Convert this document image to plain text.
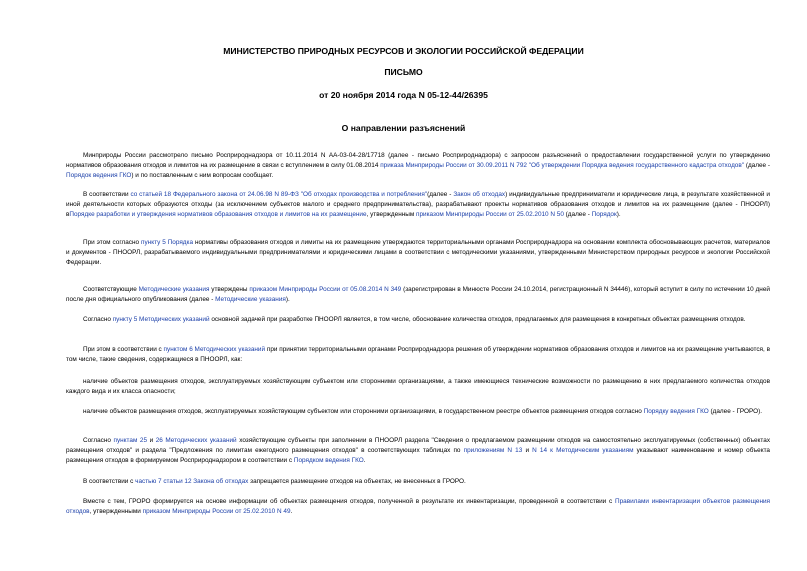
МИНИСТЕРСТВО ПРИРОДНЫХ РЕСУРСОВ И ЭКОЛОГИИ РОССИЙСКОЙ ФЕДЕРАЦИИ
ПИСЬМО
от 20 ноября 2014 года N 05-12-44/26395
О направлении разъяснений

Минприроды России рассмотрело письмо Росприроднадзора от 10.11.2014 N АА-03-04-28/17718 (далее - письмо Росприроднадзора) с запросом разъяснений о предоставлении государственной услуги по утверждению нормативов образования отходов и лимитов на их размещение в связи с вступлением в силу 01.08.2014 приказа Минприроды России от 30.09.2011 N 792 "Об утверждении Порядка ведения государственного кадастра отходов" (далее - Порядок ведения ГКО) и по поставленным с ним вопросам сообщает.

В соответствии со статьей 18 Федерального закона от 24.06.98 N 89-ФЗ "Об отходах производства и потребления"(далее - Закон об отходах) индивидуальные предприниматели и юридические лица, в результате хозяйственной и иной деятельности которых образуются отходы (за исключением субъектов малого и среднего предпринимательства), разрабатывают проекты нормативов образования отходов и лимитов на их размещение (далее - ПНООРЛ) вПорядке разработки и утверждения нормативов образования отходов и лимитов на их размещение, утвержденным приказом Минприроды России от 25.02.2010 N 50 (далее - Порядок).

При этом согласно пункту 5 Порядка нормативы образования отходов и лимиты на их размещение утверждаются территориальными органами Росприроднадзора на основании комплекта обосновывающих расчетов, материалов и документов - ПНООРЛ, разрабатываемого индивидуальными предпринимателями и юридическими лицами в соответствии с методическими указаниями, утвержденными Министерством природных ресурсов и экологии Российской Федерации.

Соответствующие Методические указания утверждены приказом Минприроды России от 05.08.2014 N 349 (зарегистрирован в Минюсте России 24.10.2014, регистрационный N 34446), который вступит в силу по истечении 10 дней после дня официального опубликования (далее - Методические указания).

Согласно пункту 5 Методических указаний основной задачей при разработке ПНООРЛ является, в том числе, обоснование количества отходов, предлагаемых для размещения в конкретных объектах размещения отходов.

При этом в соответствии с пунктом 6 Методических указаний при принятии территориальными органами Росприроднадзора решения об утверждении нормативов образования отходов и лимитов на их размещение учитываются, в том числе, такие сведения, содержащиеся в ПНООРЛ, как:

наличие объектов размещения отходов, эксплуатируемых хозяйствующим субъектом или сторонними организациями, а также имеющиеся технические возможности по размещению в них предлагаемого количества отходов каждого вида и их класса опасности;

наличие объектов размещения отходов, эксплуатируемых хозяйствующим субъектом или сторонними организациями, в государственном реестре объектов размещения отходов согласно Порядку ведения ГКО (далее - ГРОРО).

Согласно пунктам 25 и 26 Методических указаний хозяйствующие субъекты при заполнении в ПНООРЛ раздела "Сведения о предлагаемом размещении отходов на самостоятельно эксплуатируемых (собственных) объектах размещения отходов" и раздела "Предложения по лимитам ежегодного размещения отходов" в соответствующих таблицах по приложениям N 13 и N 14 к Методическим указаниям указывают наименование и номер объекта размещения отходов в формируемом Росприроднадзором в соответствии с Порядком ведения ГКО.

В соответствии с частью 7 статьи 12 Закона об отходах запрещается размещение отходов на объектах, не внесенных в ГРОРО.

Вместе с тем, ГРОРО формируется на основе информации об объектах размещения отходов, полученной в результате их инвентаризации, проведенной в соответствии с Правилами инвентаризации объектов размещения отходов, утвержденными приказом Минприроды России от 25.02.2010 N 49.
